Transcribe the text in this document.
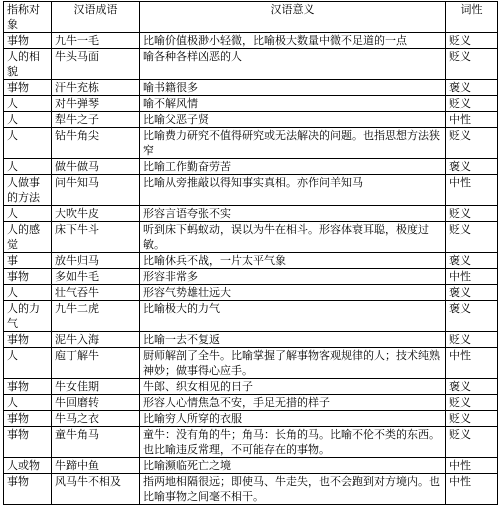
指称对象	汉语成语	汉语意义	词性
事物	九牛一毛	比喻价值极渺小轻微，比喻极大数量中微不足道的一点	贬义
人的相貌	牛头马面	喻各种各样凶恶的人	贬义
事物	汗牛充栋	喻书籍很多	褒义
人	对牛弹琴	喻不解风情	贬义
人	犁牛之子	比喻父恶子贤	中性
人	钻牛角尖	比喻费力研究不值得研究或无法解决的问题。也指思想方法狭窄	贬义
人	做牛做马	比喻工作勤奋劳苦	褒义
人做事的方法	问牛知马	比喻从旁推敲以得知事实真相。亦作问羊知马	中性
人	大吹牛皮	形容言语夸张不实	贬义
人的感觉	床下牛斗	听到床下蚂蚁动，误以为牛在相斗。形容体衰耳聪，极度过敏。	贬义
事	放牛归马	比喻休兵不战，一片太平气象	褒义
事物	多如牛毛	形容非常多	中性
人	壮气吞牛	形容气势雄壮远大	褒义
人的力气	九牛二虎	比喻极大的力气	褒义
事物	泥牛入海	比喻一去不复返	贬义
人	庖丁解牛	厨师解剖了全牛。比喻掌握了解事物客观规律的人；技术纯熟神妙；做事得心应手。	中性
事物	牛女佳期	牛郎、织女相见的日子	褒义
人	牛回磨转	形容人心情焦急不安，手足无措的样子	贬义
事物	牛马之衣	比喻穷人所穿的衣服	贬义
事物	童牛角马	童牛：没有角的牛；角马：长角的马。比喻不伦不类的东西。也比喻违反常理，不可能存在的事物。	贬义
人或物	牛蹄中鱼	比喻濒临死亡之境	中性
事物	风马牛不相及	指两地相隔很远；即使马、牛走失，也不会跑到对方境内。也比喻事物之间毫不相干。	中性
